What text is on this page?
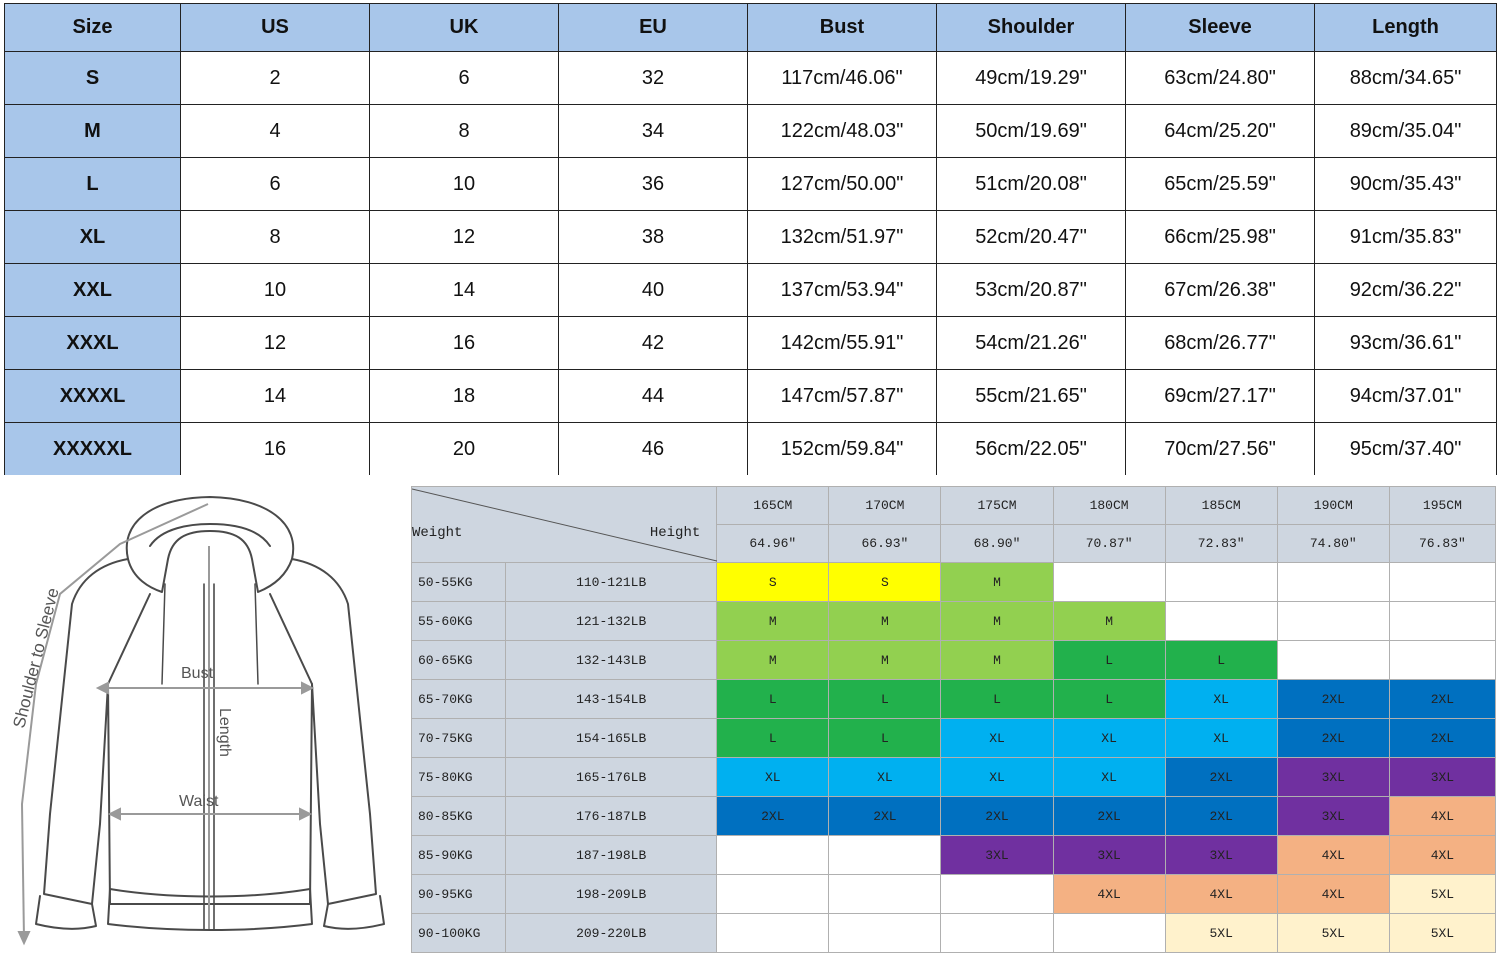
Size	US	UK	EU	Bust	Shoulder	Sleeve	Length
S	2	6	32	117cm/46.06"	49cm/19.29"	63cm/24.80"	88cm/34.65"
M	4	8	34	122cm/48.03"	50cm/19.69"	64cm/25.20"	89cm/35.04"
L	6	10	36	127cm/50.00"	51cm/20.08"	65cm/25.59"	90cm/35.43"
XL	8	12	38	132cm/51.97"	52cm/20.47"	66cm/25.98"	91cm/35.83"
XXL	10	14	40	137cm/53.94"	53cm/20.87"	67cm/26.38"	92cm/36.22"
XXXL	12	16	42	142cm/55.91"	54cm/21.26"	68cm/26.77"	93cm/36.61"
XXXXL	14	18	44	147cm/57.87"	55cm/21.65"	69cm/27.17"	94cm/37.01"
XXXXXL	16	20	46	152cm/59.84"	56cm/22.05"	70cm/27.56"	95cm/37.40"
Shoulder to Sleeve	Bust
Length
Waist
Weight Height		165CM	170CM	175CM	180CM	185CM	190CM	195CM
		64.96"	66.93"	68.90"	70.87"	72.83"	74.80"	76.83"
50-55KG	110-121LB	S	S	M				
55-60KG	121-132LB	M	M	M	M			
60-65KG	132-143LB	M	M	M	L	L		
65-70KG	143-154LB	L	L	L	L	XL	2XL	2XL
70-75KG	154-165LB	L	L	XL	XL	XL	2XL	2XL
75-80KG	165-176LB	XL	XL	XL	XL	2XL	3XL	3XL
80-85KG	176-187LB	2XL	2XL	2XL	2XL	2XL	3XL	4XL
85-90KG	187-198LB			3XL	3XL	3XL	4XL	4XL
90-95KG	198-209LB				4XL	4XL	4XL	5XL
90-100KG	209-220LB					5XL	5XL	5XL
